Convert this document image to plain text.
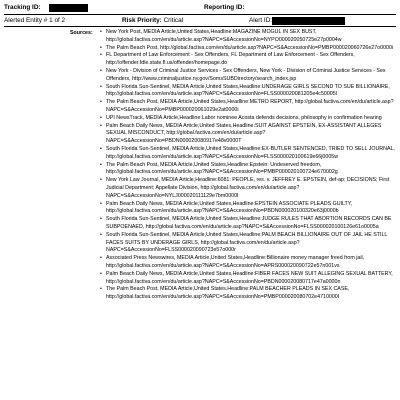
Tracking ID:	Reporting ID:
Alerted Entity # 1 of 2	Risk Priority: Critical	Alert ID:
Sources: • New York Post, MEDIA Article,United States,Headline:MAGAZINE MOGUL IN SEX BUST, http://global.factiva.com/en/du/article.asp?NAPC=S&AccessionNo=NYPO000020050725e27p0004w
• The Palm Beach Post, http://global.factiva.com/en/du/article.asp?NAPC=S&AccessionNo=PMBP000020060726e27o0000i
• FL Department of Law Enforcement - Sex Offenders, FL Department of Law Enforcement - Sex Offenders, http://offender.fdle.state.fl.us/offender/homepage.do
• New York - Division of Criminal Justice Services - Sex Offenders, New York - Division of Criminal Justice Services - Sex Offenders, http://www.criminaljustice.ny.gov/SomsSUBDirectory/search_index.jsp
• South Florida Sun-Sentinel, MEDIA Article,United States,Headline:UNDERAGE GIRLS SECOND TO SUE BILLIONAIRE, http://global.factiva.com/en/du/article.asp?NAPC=S&AccessionNo=FLSS000020081205e4c50005l
• The Palm Beach Post, MEDIA Article,United States,Headline:METRO REPORT, http://global.factiva.com/en/du/article.asp?NAPC=S&AccessionNo=PMBP000020061029e2at0000i
• UPI NewsTrack, MEDIA Article,Headline:Labor nominee Acosta defends decisions, philosophy in confirmation hearing
• Palm Beach Daily News, MEDIA Article,United States,Headline:SUIT AGAINST EPSTEIN, EX-ASSISTANT ALLEGES SEXUAL MISCONDUCT, http://global.factiva.com/en/du/article.asp?NAPC=S&AccessionNo=PBDN000020080917e48v0000T
• South Florida Sun-Sentinel, MEDIA Article,United States,Headline:EX-BUTLER SENTENCED, TRIED TO SELL JOURNAL, http://global.factiva.com/en/du/article.asp?NAPC=S&AccessionNo=FLSS000020100619e66j0005w
• The Palm Beach Post, MEDIA Article,United States,Headline:Epstein: Undeserved freedom, http://global.factiva.com/en/du/article.asp?NAPC=S&AccessionNo=PMBP000020100724e670002g
• New York Law Journal, MEDIA Article,Headline:6081: PEOPLE, res. v. JEFFREY E. EPSTEIN, def-ap; DECISIONS; First Judicial Department; Appellate Division, http://global.factiva.com/en/du/article.asp?NAPC=S&AccessionNo=NYLJ000020111129e7bm0000I
• Palm Beach Daily News, MEDIA Article,United States,Headline:EPSTEIN ASSOCIATE PLEADS GUILTY, http://global.factiva.com/en/du/article.asp?NAPC=S&AccessionNo=PBDN000020100320e63j0000b
• South Florida Sun-Sentinel, MEDIA Article,United States,Headline:JUDGE RULES THAT ABORTION RECORDS CAN BE SUBPOENAED, http://global.factiva.com/en/du/article.asp?NAPC=S&AccessionNo=FLSS000020100126e61o0005a
• South Florida Sun-Sentinel, MEDIA Article,United States,Headline:PALM BEACH BILLIONAIRE OUT OF JAIL HE STILL FACES SUITS BY UNDERAGE GIRLS, http://global.factiva.com/en/du/article.asp?NAPC=S&AccessionNo=FLSS000020090723e57o000r
• Associated Press Newswires, MEDIA Article,United States,Headline:Billionaire money manager freed from jail, http://global.factiva.com/en/du/article.asp?NAPC=S&AccessionNo=APRS000020090722e57n001vs
• Palm Beach Daily News, MEDIA Article,United States,Headline:FIBER FACES NEW SUIT ALLEGING SEXUAL BATTERY, http://global.factiva.com/en/du/article.asp?NAPC=S&AccessionNo=PBDN000020080717e47a0000n
• The Palm Beach Post, MEDIA Article,United States,Headline:PALM BEACHER PLEADS IN SEX CASE, http://global.factiva.com/en/du/article.asp?NAPC=S&AccessionNo=PMBP000020080702e4710000I
